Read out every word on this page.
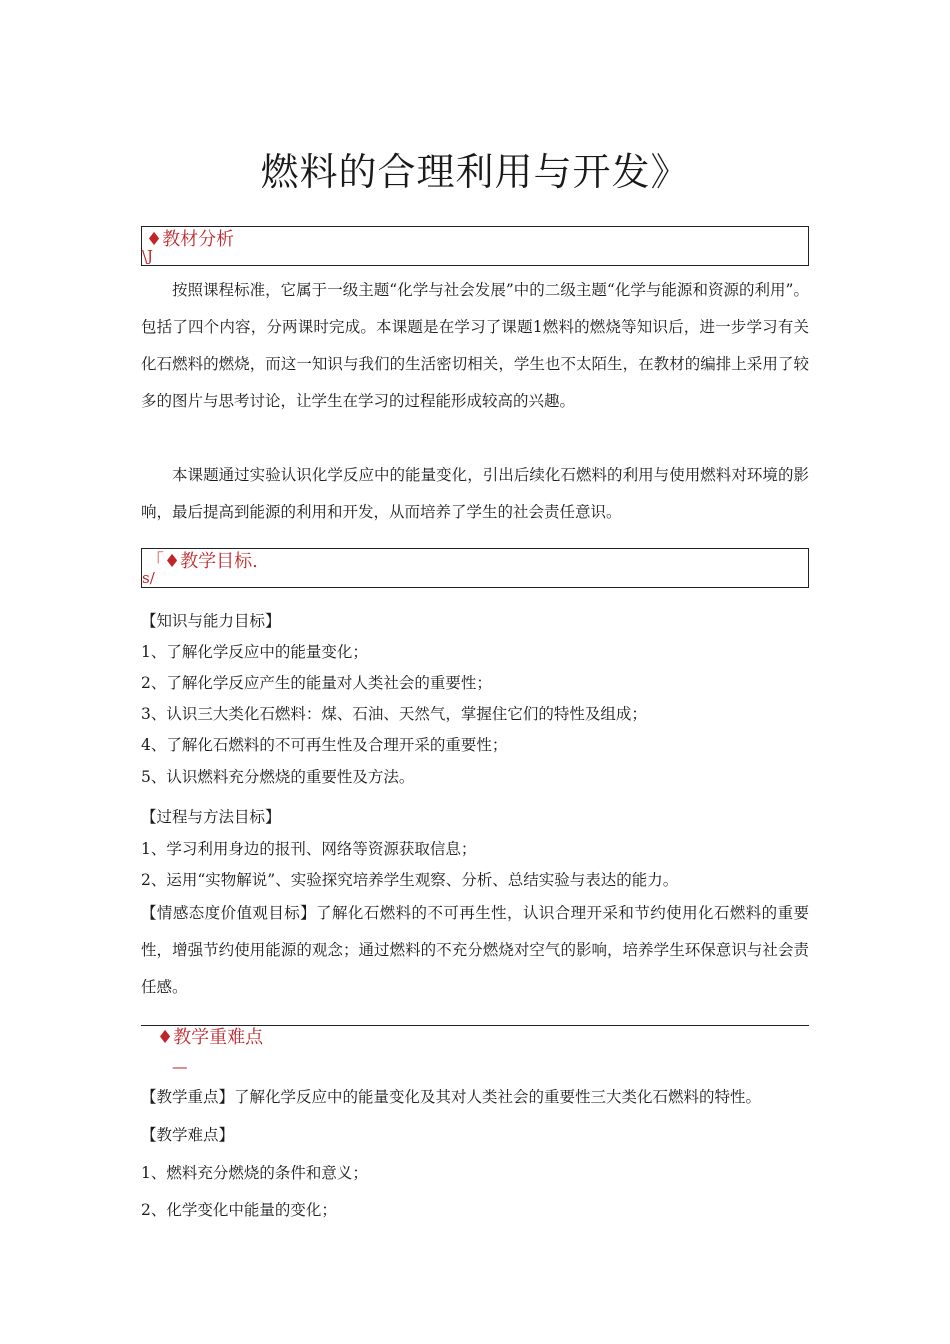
燃料的合理利用与开发》
♦教材分析
\J

按照课程标准，它属于一级主题“化学与社会发展”中的二级主题“化学与能源和资源的利用”。包括了四个内容，分两课时完成。本课题是在学习了课题1燃料的燃烧等知识后，进一步学习有关化石燃料的燃烧，而这一知识与我们的生活密切相关，学生也不太陌生，在教材的编排上采用了较多的图片与思考讨论，让学生在学习的过程能形成较高的兴趣。

本课题通过实验认识化学反应中的能量变化，引出后续化石燃料的利用与使用燃料对环境的影响，最后提高到能源的利用和开发，从而培养了学生的社会责任意识。

「♦教学目标.
s/
【知识与能力目标】
1、了解化学反应中的能量变化；
2、了解化学反应产生的能量对人类社会的重要性；
3、认识三大类化石燃料：煤、石油、天然气，掌握住它们的特性及组成；
4、了解化石燃料的不可再生性及合理开采的重要性；
5、认识燃料充分燃烧的重要性及方法。
【过程与方法目标】
1、学习利用身边的报刊、网络等资源获取信息；
2、运用“实物解说”、实验探究培养学生观察、分析、总结实验与表达的能力。
【情感态度价值观目标】了解化石燃料的不可再生性，认识合理开采和节约使用化石燃料的重要性，增强节约使用能源的观念；通过燃料的不充分燃烧对空气的影响，培养学生环保意识与社会责任感。
♦教学重难点
—
【教学重点】了解化学反应中的能量变化及其对人类社会的重要性三大类化石燃料的特性。
【教学难点】
1、燃料充分燃烧的条件和意义；
2、化学变化中能量的变化；
